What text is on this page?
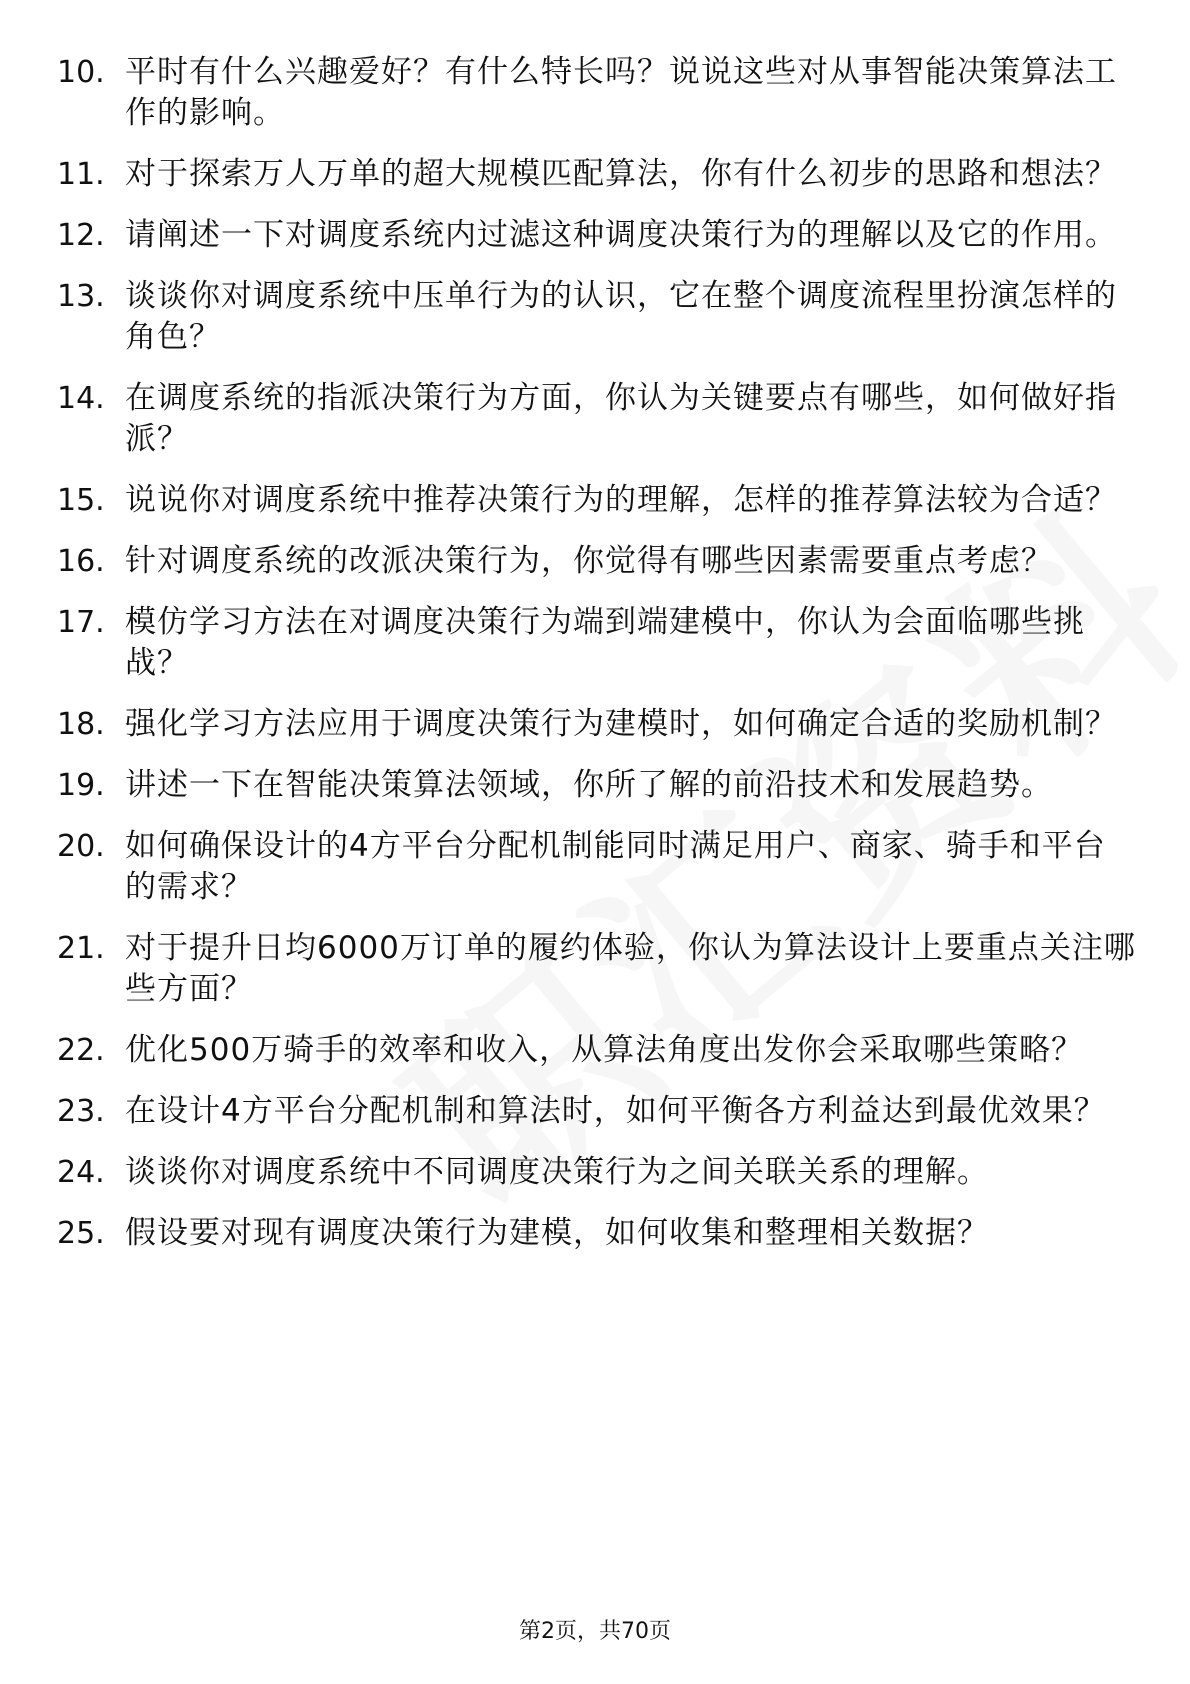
10. 平时有什么兴趣爱好？有什么特长吗？说说这些对从事智能决策算法工作的影响。
11. 对于探索万人万单的超大规模匹配算法，你有什么初步的思路和想法？
12. 请阐述一下对调度系统内过滤这种调度决策行为的理解以及它的作用。
13. 谈谈你对调度系统中压单行为的认识，它在整个调度流程里扮演怎样的角色？
14. 在调度系统的指派决策行为方面，你认为关键要点有哪些，如何做好指派？
15. 说说你对调度系统中推荐决策行为的理解，怎样的推荐算法较为合适？
16. 针对调度系统的改派决策行为，你觉得有哪些因素需要重点考虑？
17. 模仿学习方法在对调度决策行为端到端建模中，你认为会面临哪些挑战？
18. 强化学习方法应用于调度决策行为建模时，如何确定合适的奖励机制？
19. 讲述一下在智能决策算法领域，你所了解的前沿技术和发展趋势。
20. 如何确保设计的4方平台分配机制能同时满足用户、商家、骑手和平台的需求？
21. 对于提升日均6000万订单的履约体验，你认为算法设计上要重点关注哪些方面？
22. 优化500万骑手的效率和收入，从算法角度出发你会采取哪些策略？
23. 在设计4方平台分配机制和算法时，如何平衡各方利益达到最优效果？
24. 谈谈你对调度系统中不同调度决策行为之间关联关系的理解。
25. 假设要对现有调度决策行为建模，如何收集和整理相关数据？
第2页，共70页
